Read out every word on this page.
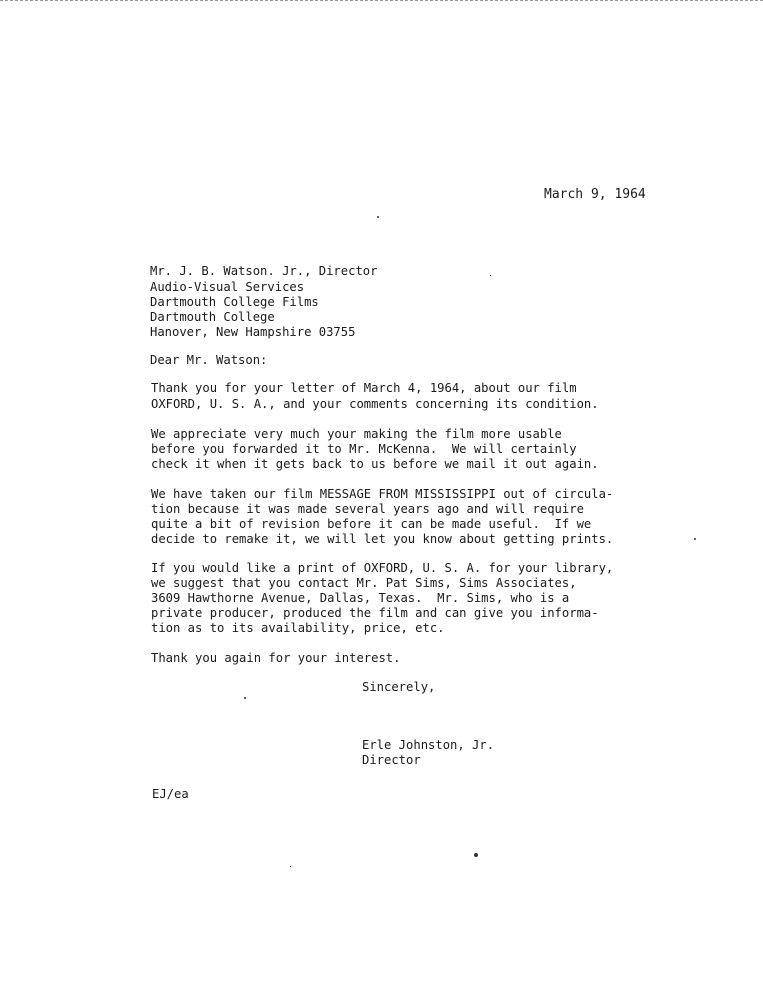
March 9, 1964
Mr. J. B. Watson. Jr., Director
Audio-Visual Services
Dartmouth College Films
Dartmouth College
Hanover, New Hampshire 03755
Dear Mr. Watson:
Thank you for your letter of March 4, 1964, about our film
OXFORD, U. S. A., and your comments concerning its condition.
We appreciate very much your making the film more usable
before you forwarded it to Mr. McKenna.  We will certainly
check it when it gets back to us before we mail it out again.
We have taken our film MESSAGE FROM MISSISSIPPI out of circula-
tion because it was made several years ago and will require
quite a bit of revision before it can be made useful.  If we
decide to remake it, we will let you know about getting prints.
If you would like a print of OXFORD, U. S. A. for your library,
we suggest that you contact Mr. Pat Sims, Sims Associates,
3609 Hawthorne Avenue, Dallas, Texas.  Mr. Sims, who is a
private producer, produced the film and can give you informa-
tion as to its availability, price, etc.
Thank you again for your interest.
Sincerely,
Erle Johnston, Jr.
Director
EJ/ea
